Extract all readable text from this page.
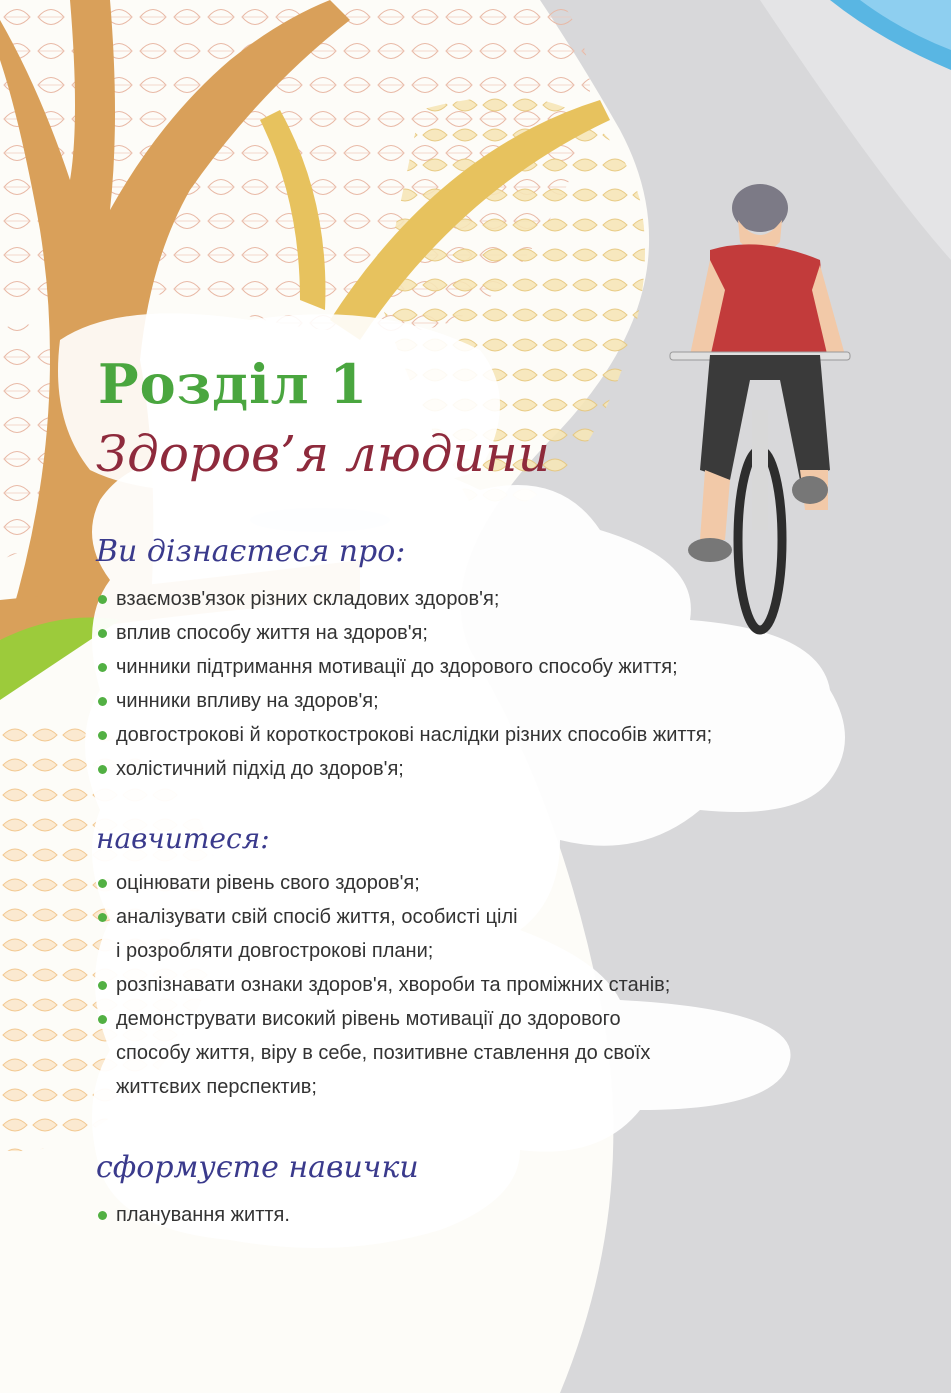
Розділ 1
Здоров’я людини
Ви дізнаєтеся про:
взаємозв'язок різних складових здоров'я;
вплив способу життя на здоров'я;
чинники підтримання мотивації до здорового способу життя;
чинники впливу на здоров'я;
довгострокові й короткострокові наслідки різних способів життя;
холістичний підхід до здоров'я;
навчитеся:
оцінювати рівень свого здоров'я;
аналізувати свій спосіб життя, особисті цілі
і розробляти довгострокові плани;
розпізнавати ознаки здоров'я, хвороби та проміжних станів;
демонструвати високий рівень мотивації до здорового
способу життя, віру в себе, позитивне ставлення до своїх
життєвих перспектив;
сформуєте навички
планування життя.
